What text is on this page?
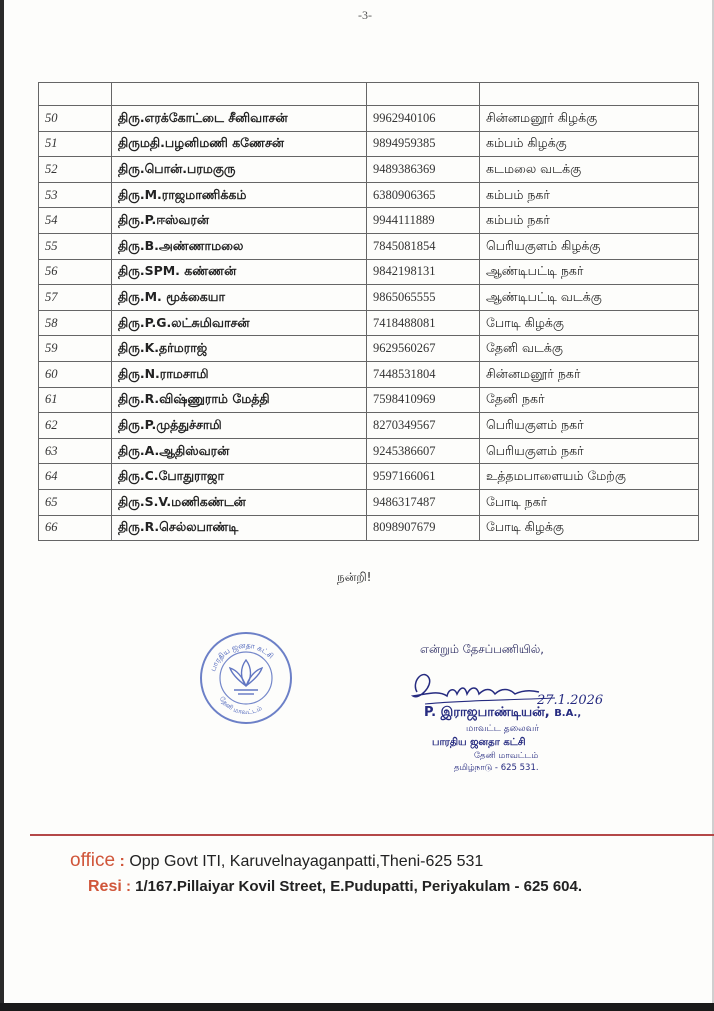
-3-

50	திரு.எரக்கோட்டை சீனிவாசன்	9962940106	சின்னமனூர் கிழக்கு
51	திருமதி.பழனிமணி கணேசன்	9894959385	கம்பம் கிழக்கு
52	திரு.பொன்.பரமகுரு	9489386369	கடமலை வடக்கு
53	திரு.M.ராஜமாணிக்கம்	6380906365	கம்பம் நகர்
54	திரு.P.ஈஸ்வரன்	9944111889	கம்பம் நகர்
55	திரு.B.அண்ணாமலை	7845081854	பெரியகுளம் கிழக்கு
56	திரு.SPM. கண்ணன்	9842198131	ஆண்டிபட்டி நகர்
57	திரு.M. மூக்கையா	9865065555	ஆண்டிபட்டி வடக்கு
58	திரு.P.G.லட்சுமிவாசன்	7418488081	போடி கிழக்கு
59	திரு.K.தர்மராஜ்	9629560267	தேனி வடக்கு
60	திரு.N.ராமசாமி	7448531804	சின்னமனூர் நகர்
61	திரு.R.விஷ்ணுராம் மேத்தி	7598410969	தேனி நகர்
62	திரு.P.முத்துச்சாமி	8270349567	பெரியகுளம் நகர்
63	திரு.A.ஆதிஸ்வரன்	9245386607	பெரியகுளம் நகர்
64	திரு.C.போதுராஜா	9597166061	உத்தமபாளையம் மேற்கு
65	திரு.S.V.மணிகண்டன்	9486317487	போடி நகர்
66	திரு.R.செல்லபாண்டி	8098907679	போடி கிழக்கு
நன்றி!
பாரதிய ஜனதா கட்சி
தேனி மாவட்டம்
என்றும் தேசப்பணியில்,
27.1.2026
P. இராஜபாண்டியன், B.A.,
மாவட்ட தலைவர்
பாரதிய ஜனதா கட்சி
தேனி மாவட்டம்
தமிழ்நாடு - 625 531.
office : Opp Govt ITI, Karuvelnayaganpatti,Theni-625 531
Resi : 1/167.Pillaiyar Kovil Street, E.Pudupatti, Periyakulam - 625 604.
